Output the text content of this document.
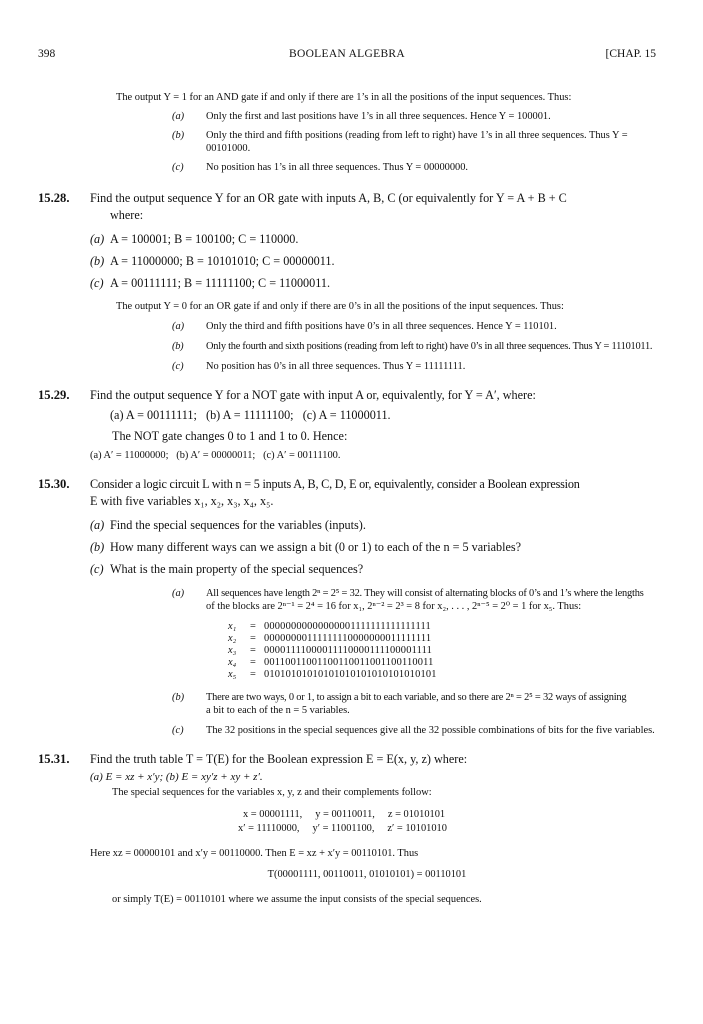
398	BOOLEAN ALGEBRA	[CHAP. 15

The output Y = 1 for an AND gate if and only if there are 1’s in all the positions of the input sequences. Thus:

(a) Only the first and last positions have 1’s in all three sequences. Hence Y = 100001.

(b) Only the third and fifth positions (reading from left to right) have 1’s in all three sequences. Thus Y = 00101000.

(c) No position has 1’s in all three sequences. Thus Y = 00000000.

15.28. Find the output sequence Y for an OR gate with inputs A, B, C (or equivalently for Y = A + B + C

where:

(a) A = 100001; B = 100100; C = 110000.

(b) A = 11000000; B = 10101010; C = 00000011.

(c) A = 00111111; B = 11111100; C = 11000011.

The output Y = 0 for an OR gate if and only if there are 0’s in all the positions of the input sequences. Thus:

(a) Only the third and fifth positions have 0’s in all three sequences. Hence Y = 110101.

(b) Only the fourth and sixth positions (reading from left to right) have 0’s in all three sequences. Thus Y = 11101011.

(c) No position has 0’s in all three sequences. Thus Y = 11111111.

15.29. Find the output sequence Y for a NOT gate with input A or, equivalently, for Y = A′, where:

(a) A = 00111111;   (b) A = 11111100;   (c) A = 11000011.

The NOT gate changes 0 to 1 and 1 to 0. Hence:

(a) A′ = 11000000;   (b) A′ = 00000011;   (c) A′ = 00111100.

15.30. Consider a logic circuit L with n = 5 inputs A, B, C, D, E or, equivalently, consider a Boolean expression

E with five variables x₁, x₂, x₃, x₄, x₅.

(a) Find the special sequences for the variables (inputs).

(b) How many different ways can we assign a bit (0 or 1) to each of the n = 5 variables?

(c) What is the main property of the special sequences?

(a) All sequences have length 2ⁿ = 2⁵ = 32. They will consist of alternating blocks of 0’s and 1’s where the lengths

of the blocks are 2ⁿ⁻¹ = 2⁴ = 16 for x₁, 2ⁿ⁻² = 2³ = 8 for x₂, . . . , 2ⁿ⁻⁵ = 2⁰ = 1 for x₅. Thus:

x₁	= 00000000000000001111111111111111
x₂	= 00000000111111110000000011111111
x₃	= 00001111000011110000111100001111
x₄	= 00110011001100110011001100110011
x₅	= 01010101010101010101010101010101

(b) There are two ways, 0 or 1, to assign a bit to each variable, and so there are 2ⁿ = 2⁵ = 32 ways of assigning

a bit to each of the n = 5 variables.

(c) The 32 positions in the special sequences give all the 32 possible combinations of bits for the five variables.

15.31. Find the truth table T = T(E) for the Boolean expression E = E(x, y, z) where:

(a) E = xz + x′y; (b) E = xy′z + xy + z′.

The special sequences for the variables x, y, z and their complements follow:

x = 00001111,     y = 00110011,     z = 01010101
x′ = 11110000,     y′ = 11001100,     z′ = 10101010

Here xz = 00000101 and x′y = 00110000. Then E = xz + x′y = 00110101. Thus

T(00001111, 00110011, 01010101) = 00110101

or simply T(E) = 00110101 where we assume the input consists of the special sequences.
